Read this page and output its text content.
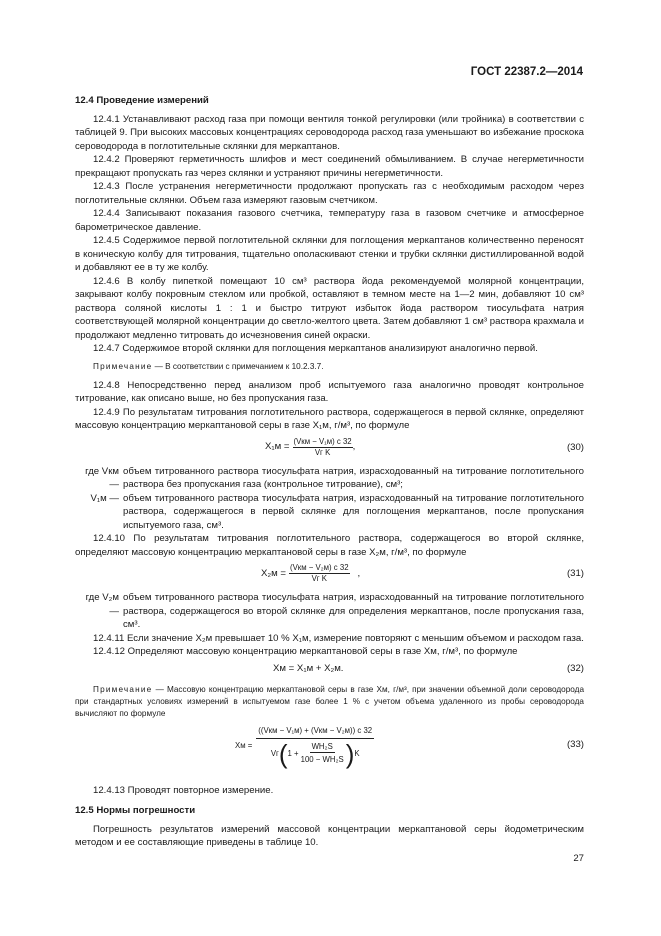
ГОСТ 22387.2—2014
12.4 Проведение измерений

12.4.1 Устанавливают расход газа при помощи вентиля тонкой регулировки (или тройника) в соответствии с таблицей 9. При высоких массовых концентрациях сероводорода расход газа уменьшают во избежание проскока сероводорода в поглотительные склянки для меркаптанов.

12.4.2 Проверяют герметичность шлифов и мест соединений обмыливанием. В случае негерметичности прекращают пропускать газ через склянки и устраняют причины негерметичности.

12.4.3 После устранения негерметичности продолжают пропускать газ с необходимым расходом через поглотительные склянки. Объем газа измеряют газовым счетчиком.

12.4.4 Записывают показания газового счетчика, температуру газа в газовом счетчике и атмосферное барометрическое давление.

12.4.5 Содержимое первой поглотительной склянки для поглощения меркаптанов количественно переносят в коническую колбу для титрования, тщательно ополаскивают стенки и трубки склянки дистиллированной водой и добавляют ее в ту же колбу.

12.4.6 В колбу пипеткой помещают 10 см³ раствора йода рекомендуемой молярной концентрации, закрывают колбу покровным стеклом или пробкой, оставляют в темном месте на 1—2 мин, добавляют 10 см³ раствора соляной кислоты 1 : 1 и быстро титруют избыток йода раствором тиосульфата натрия соответствующей молярной концентрации до светло-желтого цвета. Затем добавляют 1 см³ раствора крахмала и продолжают медленно титровать до исчезновения синей окраски.

12.4.7 Содержимое второй склянки для поглощения меркаптанов анализируют аналогично первой.

Примечание — В соответствии с примечанием к 10.2.3.7.

12.4.8 Непосредственно перед анализом проб испытуемого газа аналогично проводят контрольное титрование, как описано выше, но без пропускания газа.

12.4.9 По результатам титрования поглотительного раствора, содержащегося в первой склянке, определяют массовую концентрацию меркаптановой серы в газе X₁м, г/м³, по формуле

$X_1м = \frac{\text{(Vкм − V₁м) c 32}}{\text{Vг K}}$ ,	(30)
где Vкм —
объем титрованного раствора тиосульфата натрия, израсходованный на титрование поглотительного раствора без пропускания газа (контрольное титрование), см³;
V₁м — объем титрованного раствора тиосульфата натрия, израсходованный на титрование поглотительного раствора, содержащегося в первой склянке для поглощения меркаптанов, после пропускания испытуемого газа, см³.

12.4.10 По результатам титрования поглотительного раствора, содержащегося во второй склянке, определяют массовую концентрацию меркаптановой серы в газе X₂м, г/м³, по формуле

$X_2м = \frac{\text{(Vкм − V₂м) c 32}}{\text{Vг K}}$ ,	(31)
где V₂м —
объем титрованного раствора тиосульфата натрия, израсходованный на титрование поглотительного раствора, содержащегося во второй склянке для определения меркаптанов, после пропускания газа, см³.

12.4.11 Если значение X₂м превышает 10 % X₁м, измерение повторяют с меньшим объемом и расходом газа.

12.4.12 Определяют массовую концентрацию меркаптановой серы в газе Xм, г/м³, по формуле

Xм = X₁м + X₂м.	(32)
Примечание — Массовую концентрацию меркаптановой серы в газе Xм, г/м³, при значении объемной доли сероводорода при стандартных условиях измерений в испытуемом газе более 1 % с учетом объема удаленного из пробы сероводорода вычисляют по формуле
Xм =
((Vкм − V₁м) + (Vкм − V₂м)) c 32
Vг ( $1 + \frac{\text{WH₂S}}{\text{100 − WH₂S}}$ ) K
(33)

12.4.13 Проводят повторное измерение.

12.5 Нормы погрешности

Погрешность результатов измерений массовой концентрации меркаптановой серы йодометрическим методом и ее составляющие приведены в таблице 10.

27
